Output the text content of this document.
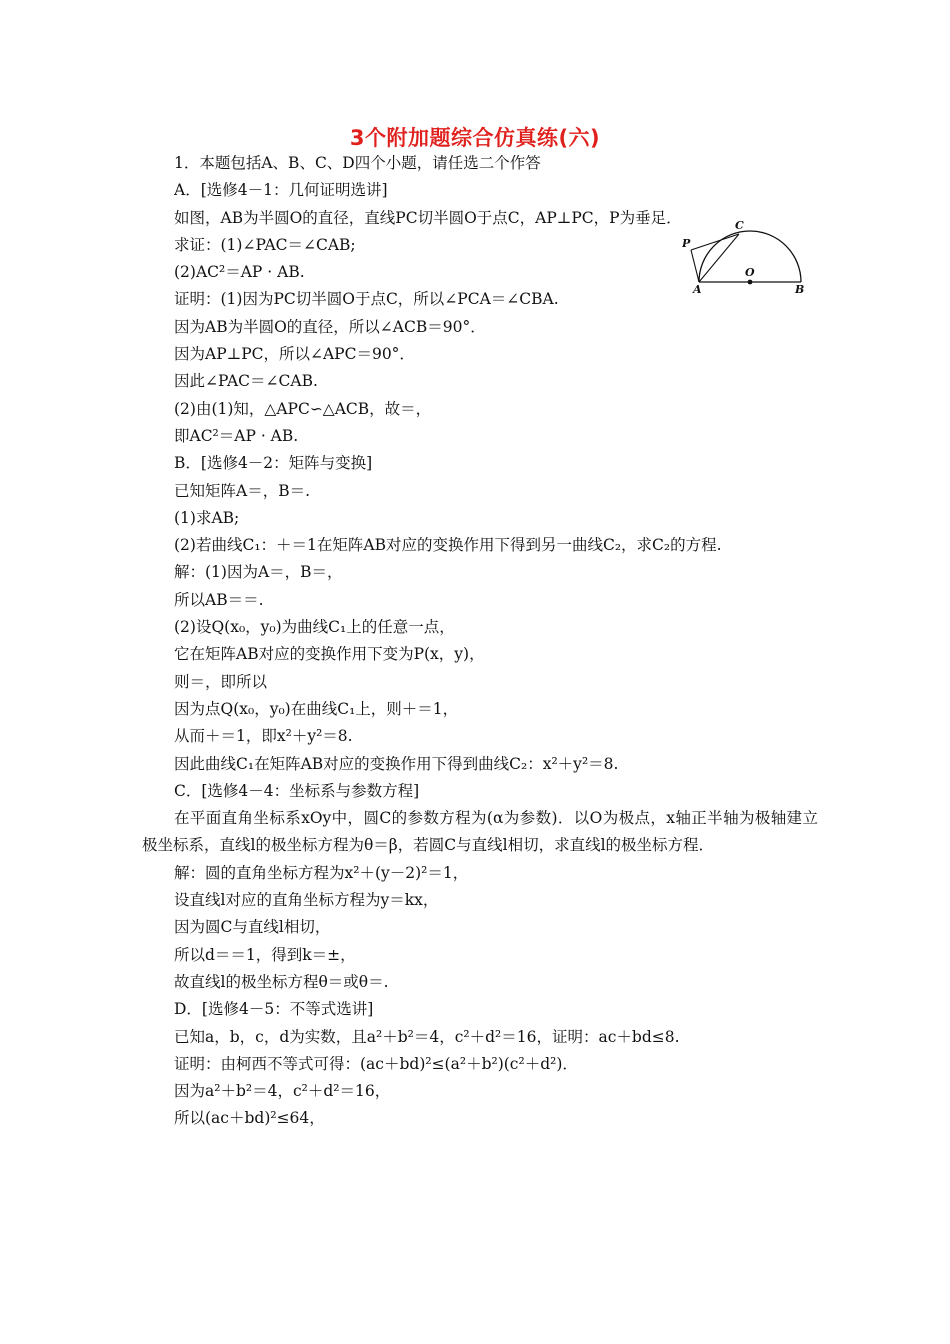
3个附加题综合仿真练(六)
P
C
O
A	B
1．本题包括A、B、C、D四个小题，请任选二个作答
A．[选修4－1：几何证明选讲]
如图，AB为半圆O的直径，直线PC切半圆O于点C，AP⊥PC，P为垂足．
求证：(1)∠PAC＝∠CAB;
(2)AC²＝AP · AB.
证明：(1)因为PC切半圆O于点C，所以∠PCA＝∠CBA.
因为AB为半圆O的直径，所以∠ACB＝90°．
因为AP⊥PC，所以∠APC＝90°．
因此∠PAC＝∠CAB.
(2)由(1)知，△APC∽△ACB，故＝，
即AC²＝AP · AB.
B．[选修4－2：矩阵与变换]
已知矩阵A＝，B＝.
(1)求AB;
(2)若曲线C₁：＋＝1在矩阵AB对应的变换作用下得到另一曲线C₂，求C₂的方程.
解：(1)因为A＝，B＝，
所以AB＝＝.
(2)设Q(x₀，y₀)为曲线C₁上的任意一点，
它在矩阵AB对应的变换作用下变为P(x，y)，
则＝，即所以
因为点Q(x₀，y₀)在曲线C₁上，则＋＝1，
从而＋＝1，即x²＋y²＝8.
因此曲线C₁在矩阵AB对应的变换作用下得到曲线C₂：x²＋y²＝8.
C．[选修4－4：坐标系与参数方程]
在平面直角坐标系xOy中，圆C的参数方程为(α为参数)．以O为极点，x轴正半轴为极轴建立极坐标系，直线l的极坐标方程为θ＝β，若圆C与直线l相切，求直线l的极坐标方程．
解：圆的直角坐标方程为x²＋(y－2)²＝1，
设直线l对应的直角坐标方程为y＝kx，
因为圆C与直线l相切，
所以d＝＝1，得到k＝±，
故直线l的极坐标方程θ＝或θ＝.
D．[选修4－5：不等式选讲]
已知a，b，c，d为实数，且a²＋b²＝4，c²＋d²＝16，证明：ac＋bd≤8.
证明：由柯西不等式可得：(ac＋bd)²≤(a²＋b²)(c²＋d²)．
因为a²＋b²＝4，c²＋d²＝16，
所以(ac＋bd)²≤64，
